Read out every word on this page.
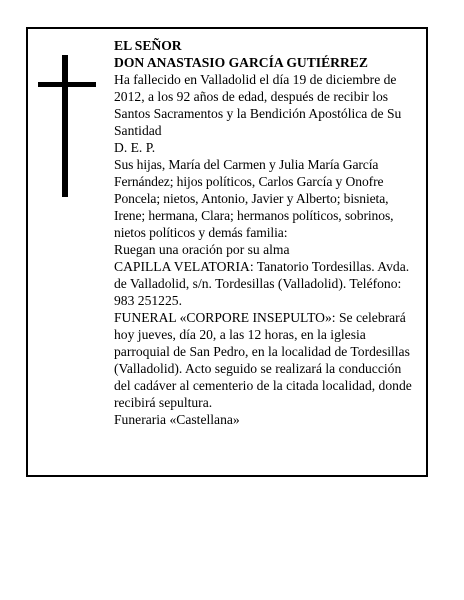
EL SEÑOR

DON ANASTASIO GARCÍA GUTIÉRREZ

Ha fallecido en Valladolid el día 19 de diciembre de 2012, a los 92 años de edad, después de recibir los Santos Sacramentos y la Bendición Apostólica de Su Santidad

D. E. P.

Sus hijas, María del Carmen y Julia María García Fernández; hijos políticos, Carlos García y Onofre Poncela; nietos, Antonio, Javier y Alberto; bisnieta, Irene; hermana, Clara; hermanos políticos, sobrinos, nietos políticos y demás familia:

Ruegan una oración por su alma

CAPILLA VELATORIA: Tanatorio Tordesillas. Avda. de Valladolid, s/n. Tordesillas (Valladolid). Teléfono: 983 251225.

FUNERAL «CORPORE INSEPULTO»: Se celebrará hoy jueves, día 20, a las 12 horas, en la iglesia parroquial de San Pedro, en la localidad de Tordesillas (Valladolid). Acto seguido se realizará la conducción del cadáver al cementerio de la citada localidad, donde recibirá sepultura.

Funeraria «Castellana»
